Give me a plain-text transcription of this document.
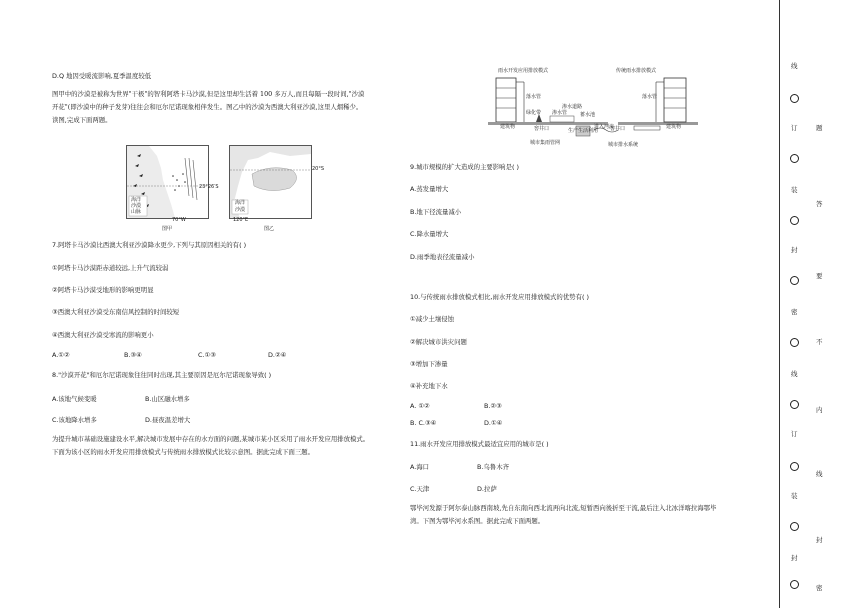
D.Q 地因受暖流影响,夏季温度较低
图甲中的沙漠是被称为世界"干极"的智利阿塔卡马沙漠,但是这里却生活着 100 多万人,而且每隔一段时间,"沙漠开花"(即沙漠中的种子发芽)往往会和厄尔尼诺现象相伴发生。图乙中的沙漠为西澳大利亚沙漠,这里人烟稀少。读图,完成下面两题。
海洋
沙漠
山脉
23°26′S
70°W
图甲
海洋
沙漠
20°S
120°E
图乙
7.阿塔卡马沙漠比西澳大利亚沙漠降水更少,下列与其原因相关的有( )
①阿塔卡马沙漠距赤道较远,上升气流较弱
②阿塔卡马沙漠受地形的影响更明显
③西澳大利亚沙漠受东南信风控制的时间较短
④西澳大利亚沙漠受寒流的影响更小
A.①②	B.③④	C.①③	D.②④
8."沙漠开花"和厄尔尼诺现象往往同时出现,其主要原因是厄尔尼诺现象导致( )
A.该地气候变暖	B.山区融水增多
C.该地降水增多	D.昼夜温差增大
为提升城市基础设施建设水平,解决城市发展中存在的水方面的问题,某城市某小区采用了雨水开发应用排放模式。下面为该小区的雨水开发应用排放模式与传统雨水排放模式比较示意图。据此完成下面三题。
雨水开发应用排放模式	传统雨水排放模式
落水管
渗水道路
绿化带	蓄水池
渗水管
生产生活利用
进入河流
窖井口
建筑物
城市集雨管网
落水管
窖井口	建筑物
城市排水系统
9.城市规模的扩大造成的主要影响是( )
A.蒸发量增大
B.地下径流量减小
C.降水量增大
D.雨季地表径流量减小
10.与传统雨水排放模式相比,雨水开发应用排放模式的优势有( )
①减少土壤侵蚀
②解决城市洪灾问题
③增加下渗量
④补充地下水
A. ①②	B.②③
B. C.③④	D.①④
11.雨水开发应用排放模式最适宜应用的城市是( )
A.海口	B.乌鲁木齐
C.天津	D.拉萨
鄂毕河发源于阿尔泰山脉西南坡,先自东南向西北流再向北流,短暂西向後折至干流,最后注入北冰洋喀拉海鄂毕湾。下图为鄂毕河水系图。据此完成下面两题。
线
订
装
封
密
线
订
装
封
题
答
要
不
内
线
封
密
